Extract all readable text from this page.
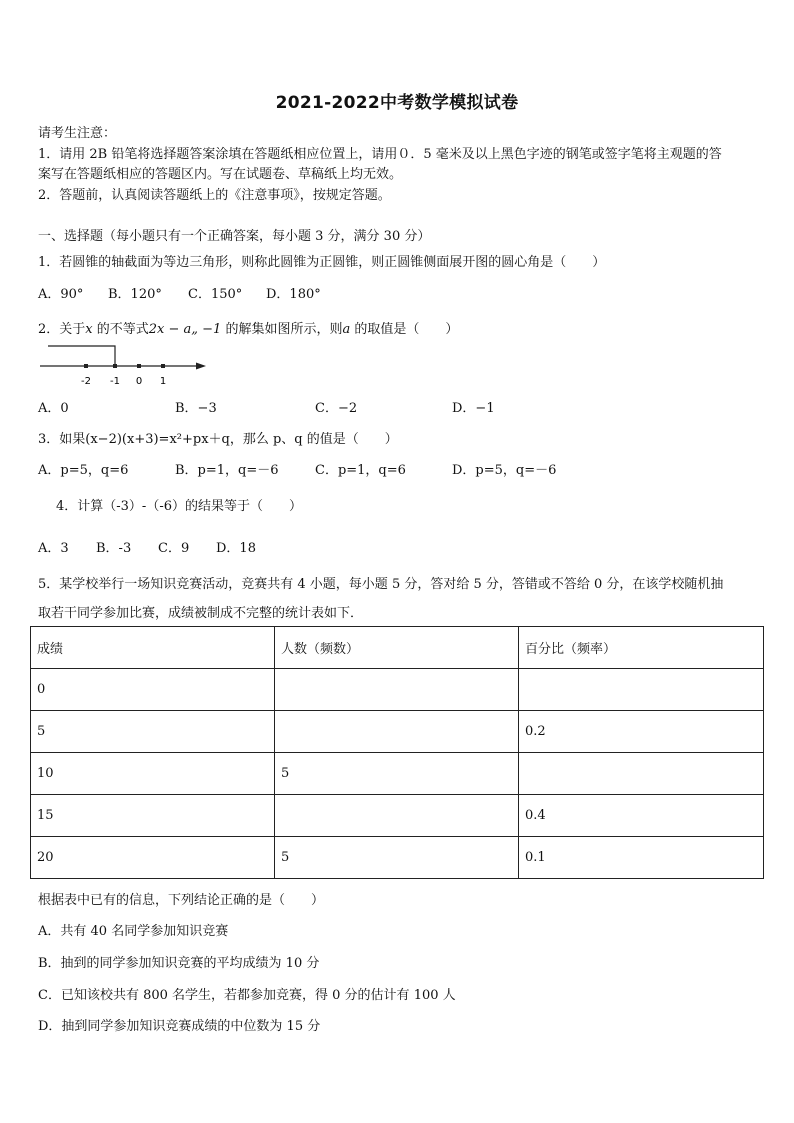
2021-2022中考数学模拟试卷
请考生注意：
1．请用 2B 铅笔将选择题答案涂填在答题纸相应位置上，请用０．5 毫米及以上黑色字迹的钢笔或签字笔将主观题的答
案写在答题纸相应的答题区内。写在试题卷、草稿纸上均无效。
2．答题前，认真阅读答题纸上的《注意事项》，按规定答题。
一、选择题（每小题只有一个正确答案，每小题 3 分，满分 30 分）
1．若圆锥的轴截面为等边三角形，则称此圆锥为正圆锥，则正圆锥侧面展开图的圆心角是（　　）
A．90° B．120° C．150° D．180°
2．关于x 的不等式2x − a„ −1 的解集如图所示，则a 的取值是（　　）
-2 -1 0 1
A．0	B．−3	C．−2	D．−1
3．如果(x−2)(x+3)=x²+px＋q，那么 p、q 的值是（　　）
A．p=5，q=6	B．p=1，q=－6	C．p=1，q=6	D．p=5，q=－6
4．计算（-3）-（-6）的结果等于（　　）
A．3 B．-3 C．9 D．18
5．某学校举行一场知识竞赛活动，竞赛共有 4 小题，每小题 5 分，答对给 5 分，答错或不答给 0 分，在该学校随机抽
取若干同学参加比赛，成绩被制成不完整的统计表如下．
成绩	人数（频数）	百分比（频率）
0		
5		0.2
10	5	
15		0.4
20	5	0.1
根据表中已有的信息，下列结论正确的是（　　）
A．共有 40 名同学参加知识竞赛
B．抽到的同学参加知识竞赛的平均成绩为 10 分
C．已知该校共有 800 名学生，若都参加竞赛，得 0 分的估计有 100 人
D．抽到同学参加知识竞赛成绩的中位数为 15 分
